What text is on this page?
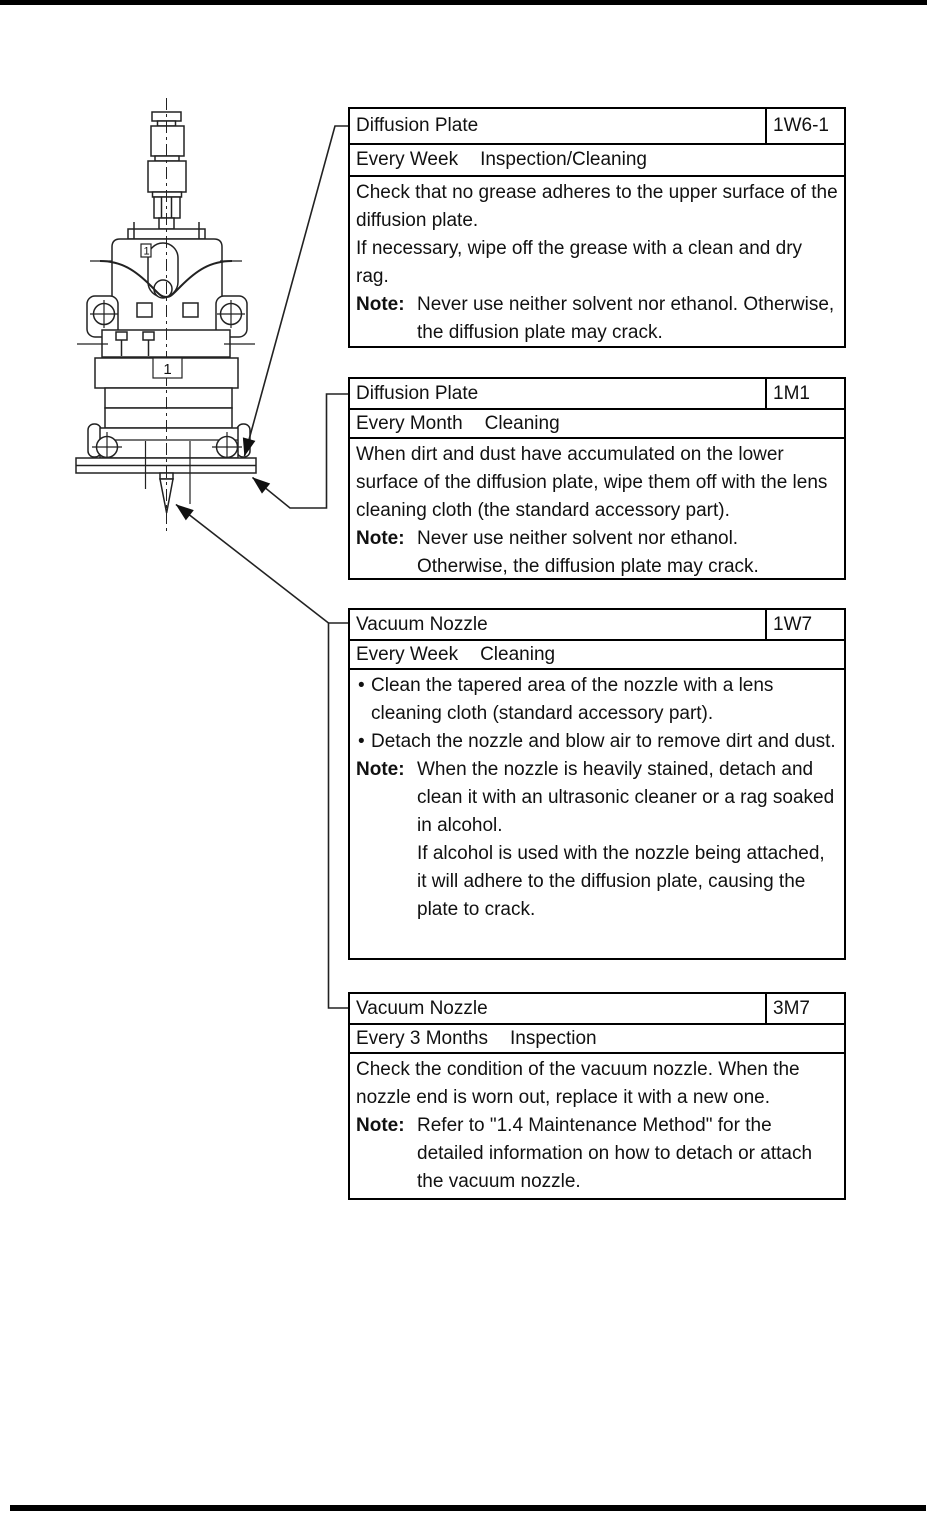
1
1
Diffusion Plate	1W6-1
Every Week Inspection/Cleaning

Check that no grease adheres to the upper surface of the diffusion plate.

If necessary, wipe off the grease with a clean and dry rag.

Note: Never use neither solvent nor ethanol. Otherwise, the diffusion plate may crack.

Diffusion Plate	1M1
Every Month Cleaning

When dirt and dust have accumulated on the lower surface of the diffusion plate, wipe them off with the lens cleaning cloth (the standard accessory part).

Note: Never use neither solvent nor ethanol.

Otherwise, the diffusion plate may crack.

Vacuum Nozzle	1W7
Every Week Cleaning
• Clean the tapered area of the nozzle with a lens cleaning cloth (standard accessory part).

• Detach the nozzle and blow air to remove dirt and dust.

Note: When the nozzle is heavily stained, detach and clean it with an ultrasonic cleaner or a rag soaked in alcohol.

If alcohol is used with the nozzle being attached, it will adhere to the diffusion plate, causing the plate to crack.

Vacuum Nozzle	3M7
Every 3 Months Inspection

Check the condition of the vacuum nozzle. When the nozzle end is worn out, replace it with a new one.

Note: Refer to "1.4 Maintenance Method" for the detailed information on how to detach or attach the vacuum nozzle.
